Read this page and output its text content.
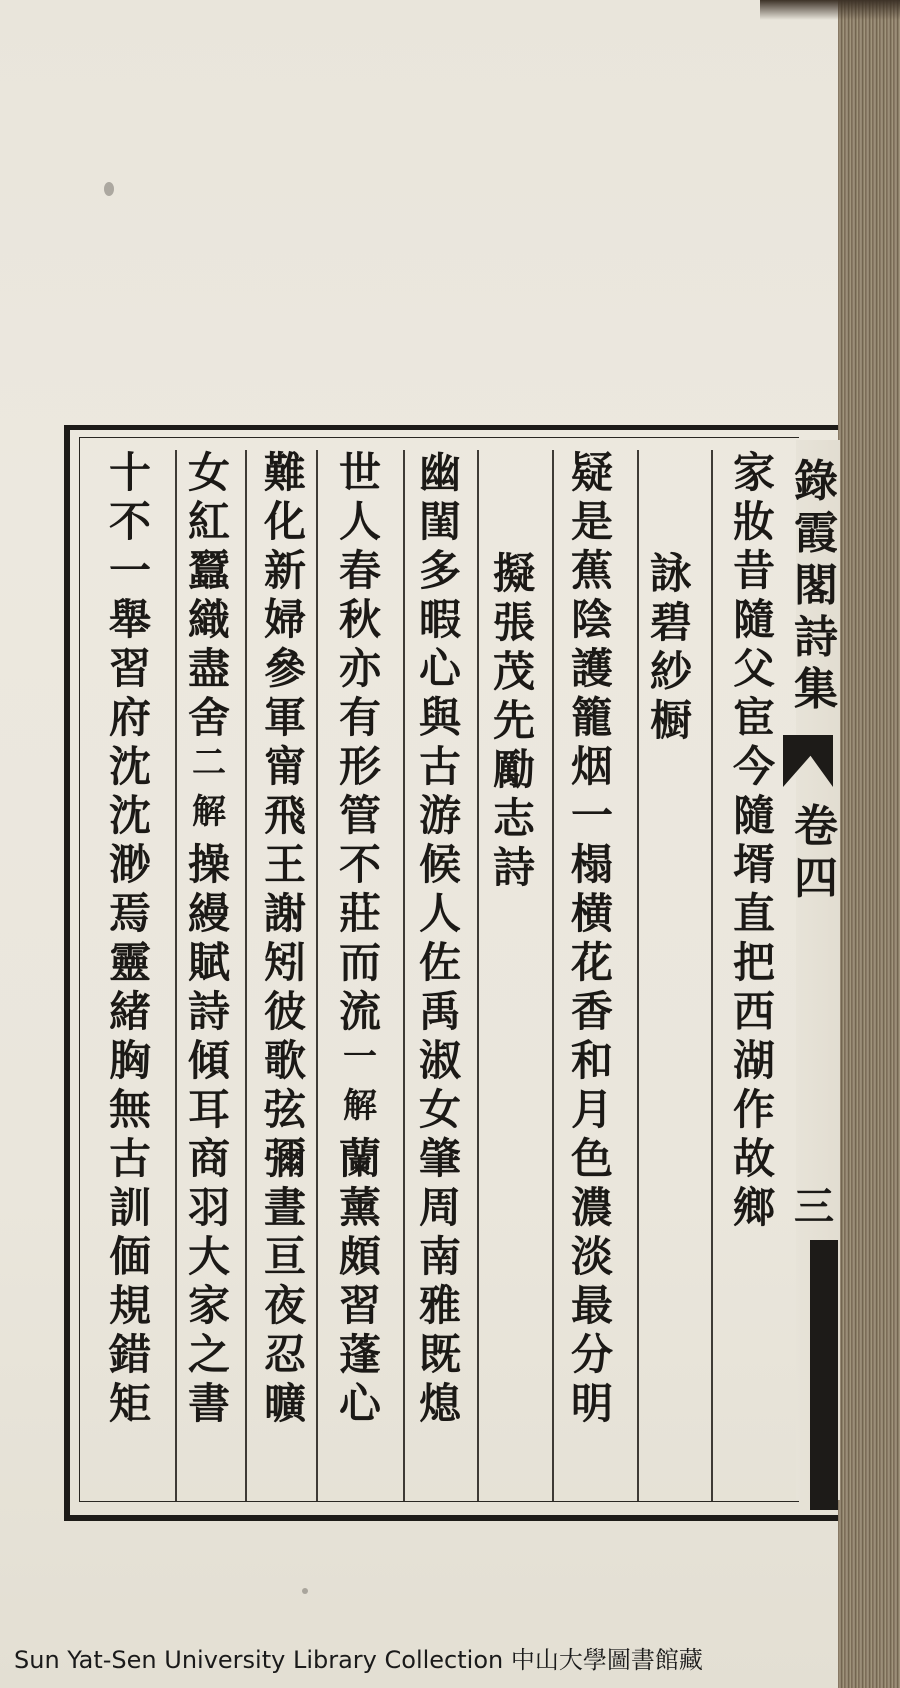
錄
霞
閣
詩
集
卷
四
三
家
妝
昔
隨
父
宦
今
隨
壻
直
把
西
湖
作
故
鄉
詠
碧
紗
橱
疑
是
蕉
陰
護
籠
烟
一
榻
横
花
香
和
月
色
濃
淡
最
分
明
擬
張
茂
先
勵
志
詩
幽
閨
多
暇
心
與
古
游
候
人
佐
禹
淑
女
肇
周
南
雅
既
熄
世
人
春
秋
亦
有
形
管
不
莊
而
流
一
解
蘭
薰
頗
習
蓬
心
難
化
新
婦
參
軍
甯
飛
王
謝
矧
彼
歌
弦
彌
晝
亘
夜
忍
曠
女
紅
蠶
織
盡
舍
二
解
操
縵
賦
詩
傾
耳
商
羽
大
家
之
書
十
不
一
舉
習
府
沈
沈
渺
焉
靈
緒
胸
無
古
訓
偭
規
錯
矩
Sun Yat-Sen University Library Collection 中山大學圖書館藏
